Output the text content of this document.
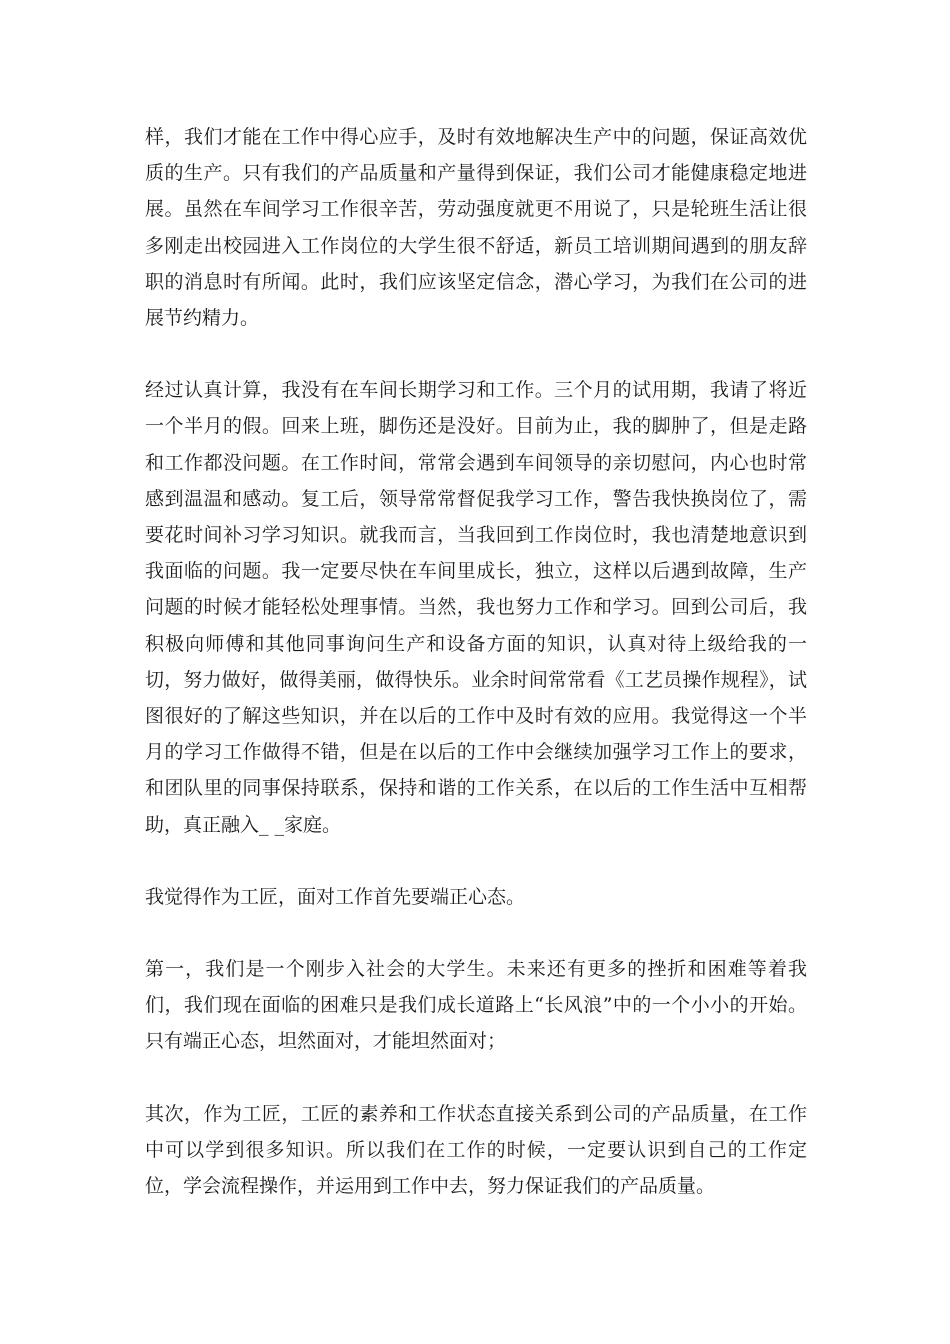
样，我们才能在工作中得心应手，及时有效地解决生产中的问题，保证高效优质的生产。只有我们的产品质量和产量得到保证，我们公司才能健康稳定地进展。虽然在车间学习工作很辛苦，劳动强度就更不用说了，只是轮班生活让很多刚走出校园进入工作岗位的大学生很不舒适，新员工培训期间遇到的朋友辞职的消息时有所闻。此时，我们应该坚定信念，潜心学习，为我们在公司的进展节约精力。

经过认真计算，我没有在车间长期学习和工作。三个月的试用期，我请了将近一个半月的假。回来上班，脚伤还是没好。目前为止，我的脚肿了，但是走路和工作都没问题。在工作时间，常常会遇到车间领导的亲切慰问，内心也时常感到温温和感动。复工后，领导常常督促我学习工作，警告我快换岗位了，需要花时间补习学习知识。就我而言，当我回到工作岗位时，我也清楚地意识到我面临的问题。我一定要尽快在车间里成长，独立，这样以后遇到故障，生产问题的时候才能轻松处理事情。当然，我也努力工作和学习。回到公司后，我积极向师傅和其他同事询问生产和设备方面的知识，认真对待上级给我的一切，努力做好，做得美丽，做得快乐。业余时间常常看《工艺员操作规程》，试图很好的了解这些知识，并在以后的工作中及时有效的应用。我觉得这一个半月的学习工作做得不错，但是在以后的工作中会继续加强学习工作上的要求，和团队里的同事保持联系，保持和谐的工作关系，在以后的工作生活中互相帮助，真正融入_ _家庭。

我觉得作为工匠，面对工作首先要端正心态。

第一，我们是一个刚步入社会的大学生。未来还有更多的挫折和困难等着我们，我们现在面临的困难只是我们成长道路上“长风浪”中的一个小小的开始。只有端正心态，坦然面对，才能坦然面对；

其次，作为工匠，工匠的素养和工作状态直接关系到公司的产品质量，在工作中可以学到很多知识。所以我们在工作的时候，一定要认识到自己的工作定位，学会流程操作，并运用到工作中去，努力保证我们的产品质量。
